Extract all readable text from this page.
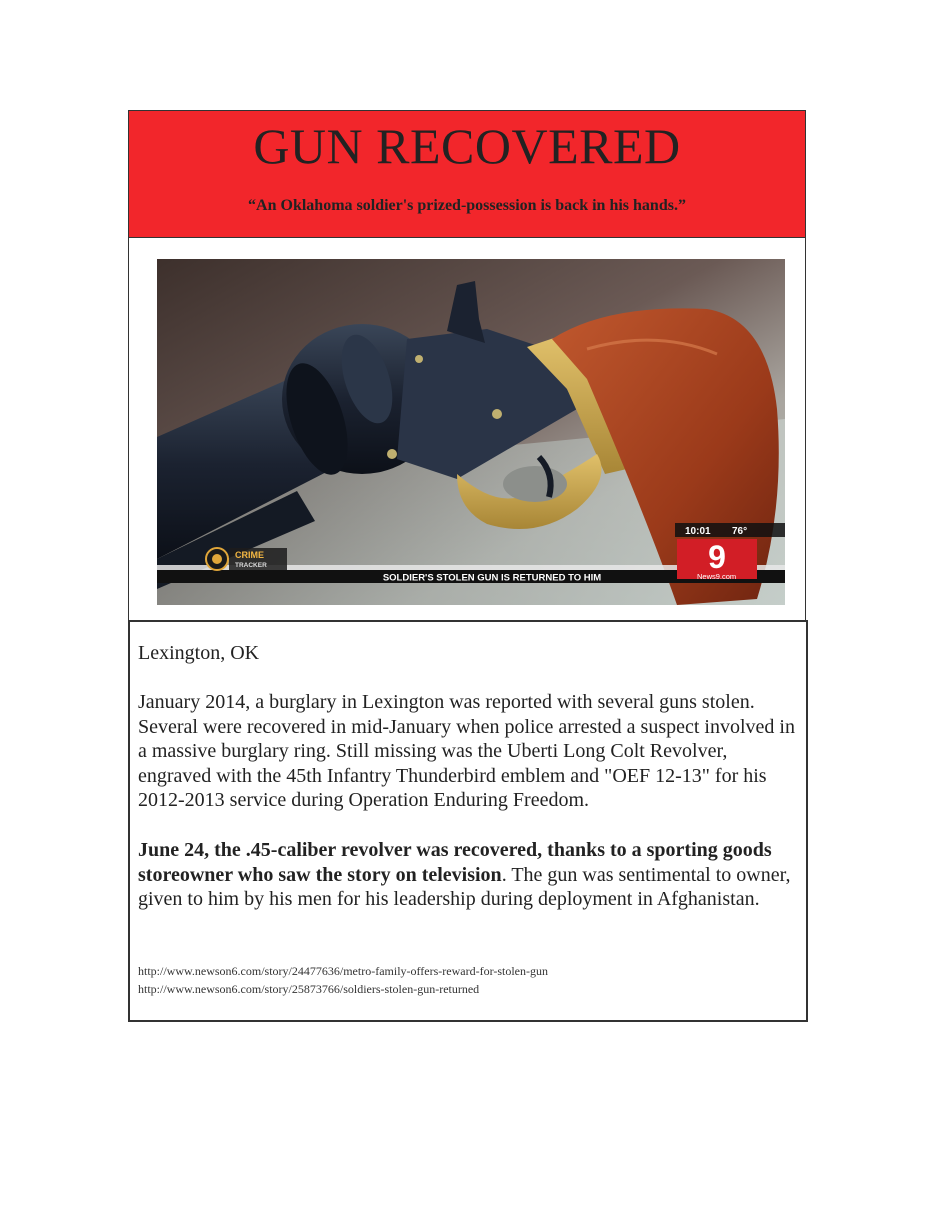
GUN RECOVERED
“An Oklahoma soldier's prized-possession is back in his hands.”
SOLDIER'S STOLEN GUN IS RETURNED TO HIM
CRIME
TRACKER
10:01 76°
9
News9.com
Lexington, OK

January 2014, a burglary in Lexington was reported with several guns stolen. Several were recovered in mid-January when police arrested a suspect involved in a massive burglary ring. Still missing was the Uberti Long Colt Revolver, engraved with the 45th Infantry Thunderbird emblem and "OEF 12-13" for his 2012-2013 service during Operation Enduring Freedom.

June 24, the .45-caliber revolver was recovered, thanks to a sporting goods storeowner who saw the story on television. The gun was sentimental to owner, given to him by his men for his leadership during deployment in Afghanistan.

http://www.newson6.com/story/24477636/metro-family-offers-reward-for-stolen-gun
http://www.newson6.com/story/25873766/soldiers-stolen-gun-returned
